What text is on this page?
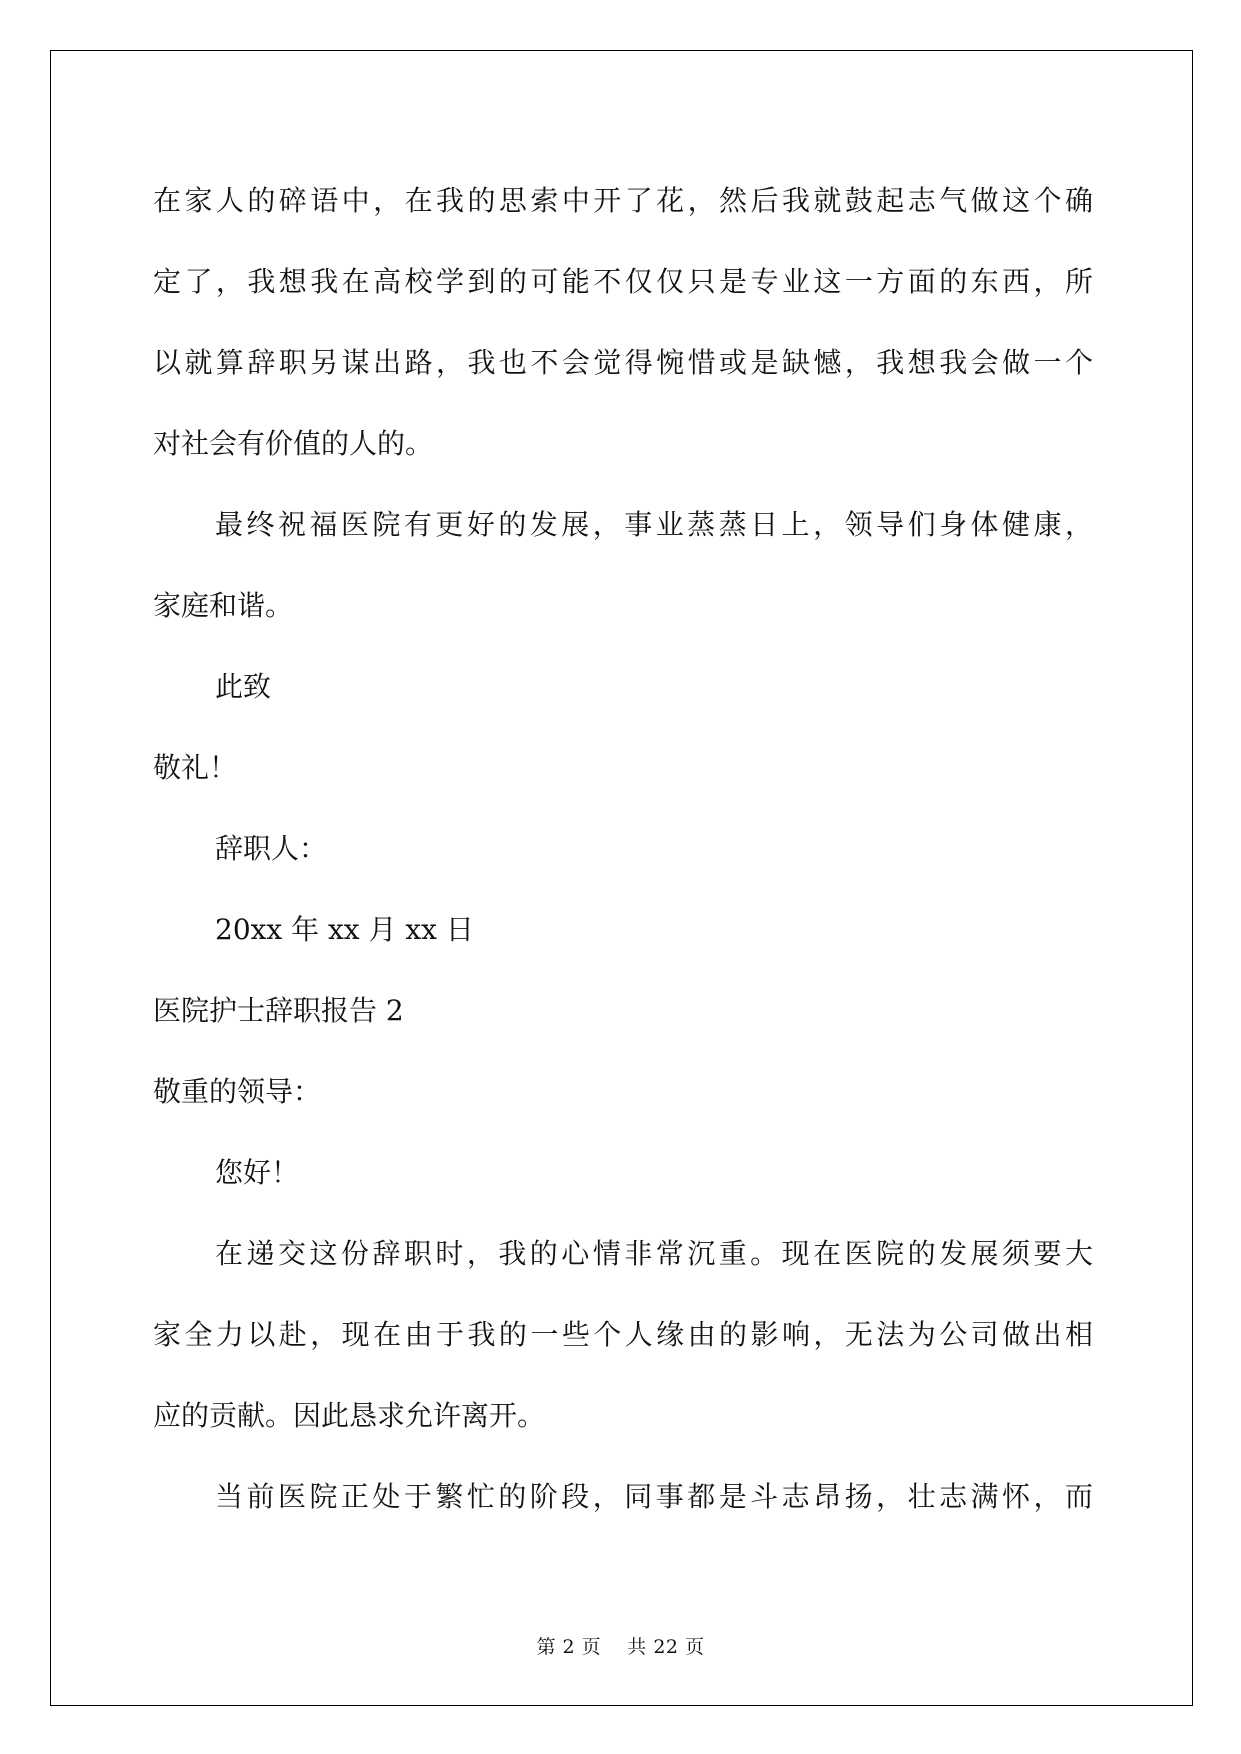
在家人的碎语中，在我的思索中开了花，然后我就鼓起志气做这个确
定了，我想我在高校学到的可能不仅仅只是专业这一方面的东西，所
以就算辞职另谋出路，我也不会觉得惋惜或是缺憾，我想我会做一个
对社会有价值的人的。
最终祝福医院有更好的发展，事业蒸蒸日上，领导们身体健康，
家庭和谐。
此致
敬礼！
辞职人：
20xx 年 xx 月 xx 日
医院护士辞职报告 2
敬重的领导：
您好！
在递交这份辞职时，我的心情非常沉重。现在医院的发展须要大
家全力以赴，现在由于我的一些个人缘由的影响，无法为公司做出相
应的贡献。因此恳求允许离开。
当前医院正处于繁忙的阶段，同事都是斗志昂扬，壮志满怀，而
第 2 页    共 22 页
